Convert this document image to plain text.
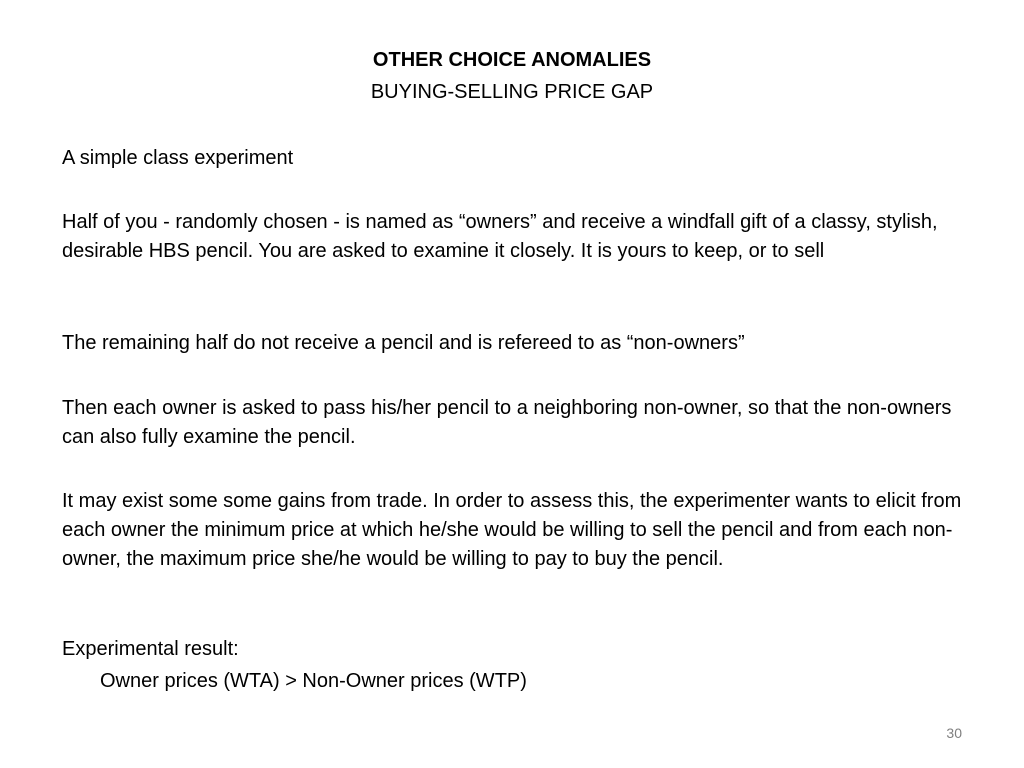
OTHER CHOICE ANOMALIES
BUYING-SELLING PRICE GAP

A simple class experiment

Half of you - randomly chosen - is named as “owners” and receive a windfall gift of a classy, stylish, desirable HBS pencil. You are asked to examine it closely. It is yours to keep, or to sell

The remaining half do not receive a pencil and is refereed to as “non-owners”

Then each owner is asked to pass his/her pencil to a neighboring non-owner, so that the non-owners can also fully examine the pencil.

It may exist some some gains from trade. In order to assess this, the experimenter wants to elicit from each owner the minimum price at which he/she would be willing to sell the pencil and from each non-owner, the maximum price she/he would be willing to pay to buy the pencil.

Experimental result:

Owner prices (WTA) > Non-Owner prices (WTP)

30
